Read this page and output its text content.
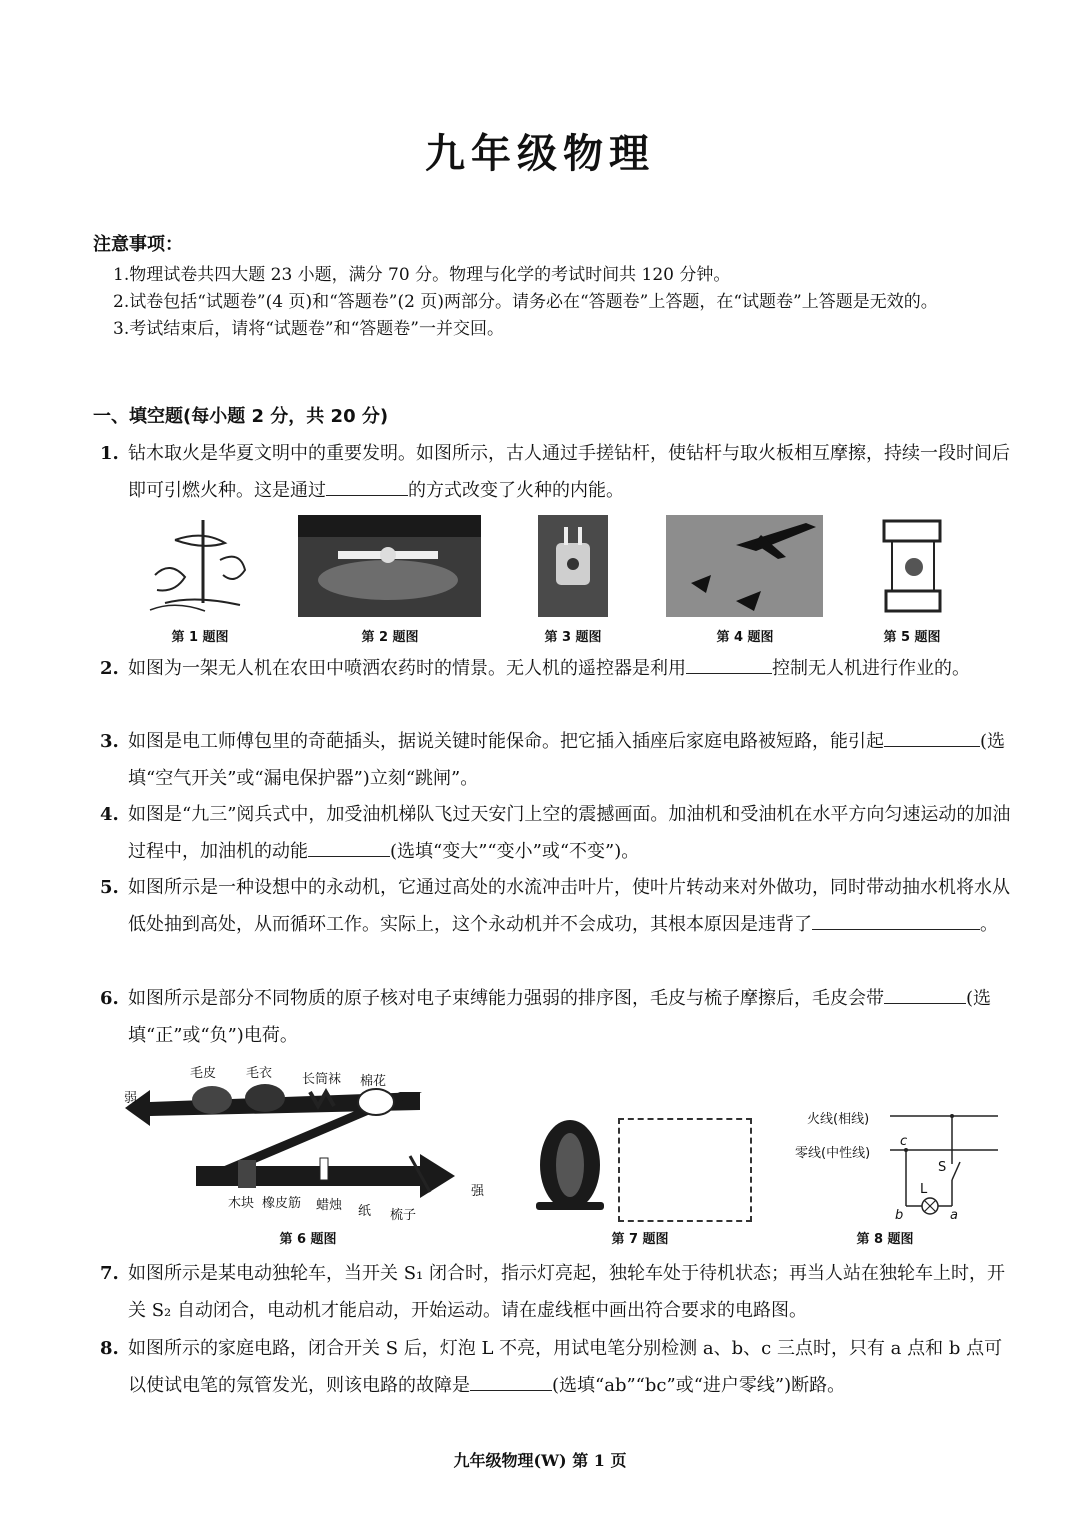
九年级物理
注意事项：
1.物理试卷共四大题 23 小题，满分 70 分。物理与化学的考试时间共 120 分钟。
2.试卷包括“试题卷”(4 页)和“答题卷”(2 页)两部分。请务必在“答题卷”上答题，在“试题卷”上答题是无效的。
3.考试结束后，请将“试题卷”和“答题卷”一并交回。
一、填空题(每小题 2 分，共 20 分)
1. 钻木取火是华夏文明中的重要发明。如图所示，古人通过手搓钻杆，使钻杆与取火板相互摩擦，持续一段时间后即可引燃火种。这是通过	的方式改变了火种的内能。
第 1 题图	第 2 题图	第 3 题图	第 4 题图	第 5 题图
2. 如图为一架无人机在农田中喷洒农药时的情景。无人机的遥控器是利用	控制无人机进行作业的。
3. 如图是电工师傅包里的奇葩插头，据说关键时能保命。把它插入插座后家庭电路被短路，能引起	(选填“空气开关”或“漏电保护器”)立刻“跳闸”。
4. 如图是“九三”阅兵式中，加受油机梯队飞过天安门上空的震撼画面。加油机和受油机在水平方向匀速运动的加油过程中，加油机的动能	(选填“变大”“变小”或“不变”)。
5. 如图所示是一种设想中的永动机，它通过高处的水流冲击叶片，使叶片转动来对外做功，同时带动抽水机将水从低处抽到高处，从而循环工作。实际上，这个永动机并不会成功，其根本原因是违背了	。
6. 如图所示是部分不同物质的原子核对电子束缚能力强弱的排序图，毛皮与梳子摩擦后，毛皮会带	(选填“正”或“负”)电荷。
弱
强
毛皮 毛衣 长筒袜 棉花
木块 橡皮筋 蜡烛 纸 梳子
火线(相线)
零线(中性线)
c
S
L
b	a
第 6 题图	第 7 题图	第 8 题图
7. 如图所示是某电动独轮车，当开关 S₁ 闭合时，指示灯亮起，独轮车处于待机状态；再当人站在独轮车上时，开关 S₂ 自动闭合，电动机才能启动，开始运动。请在虚线框中画出符合要求的电路图。
8. 如图所示的家庭电路，闭合开关 S 后，灯泡 L 不亮，用试电笔分别检测 a、b、c 三点时，只有 a 点和 b 点可以使试电笔的氖管发光，则该电路的故障是	(选填“ab”“bc”或“进户零线”)断路。
九年级物理(W) 第 1 页
